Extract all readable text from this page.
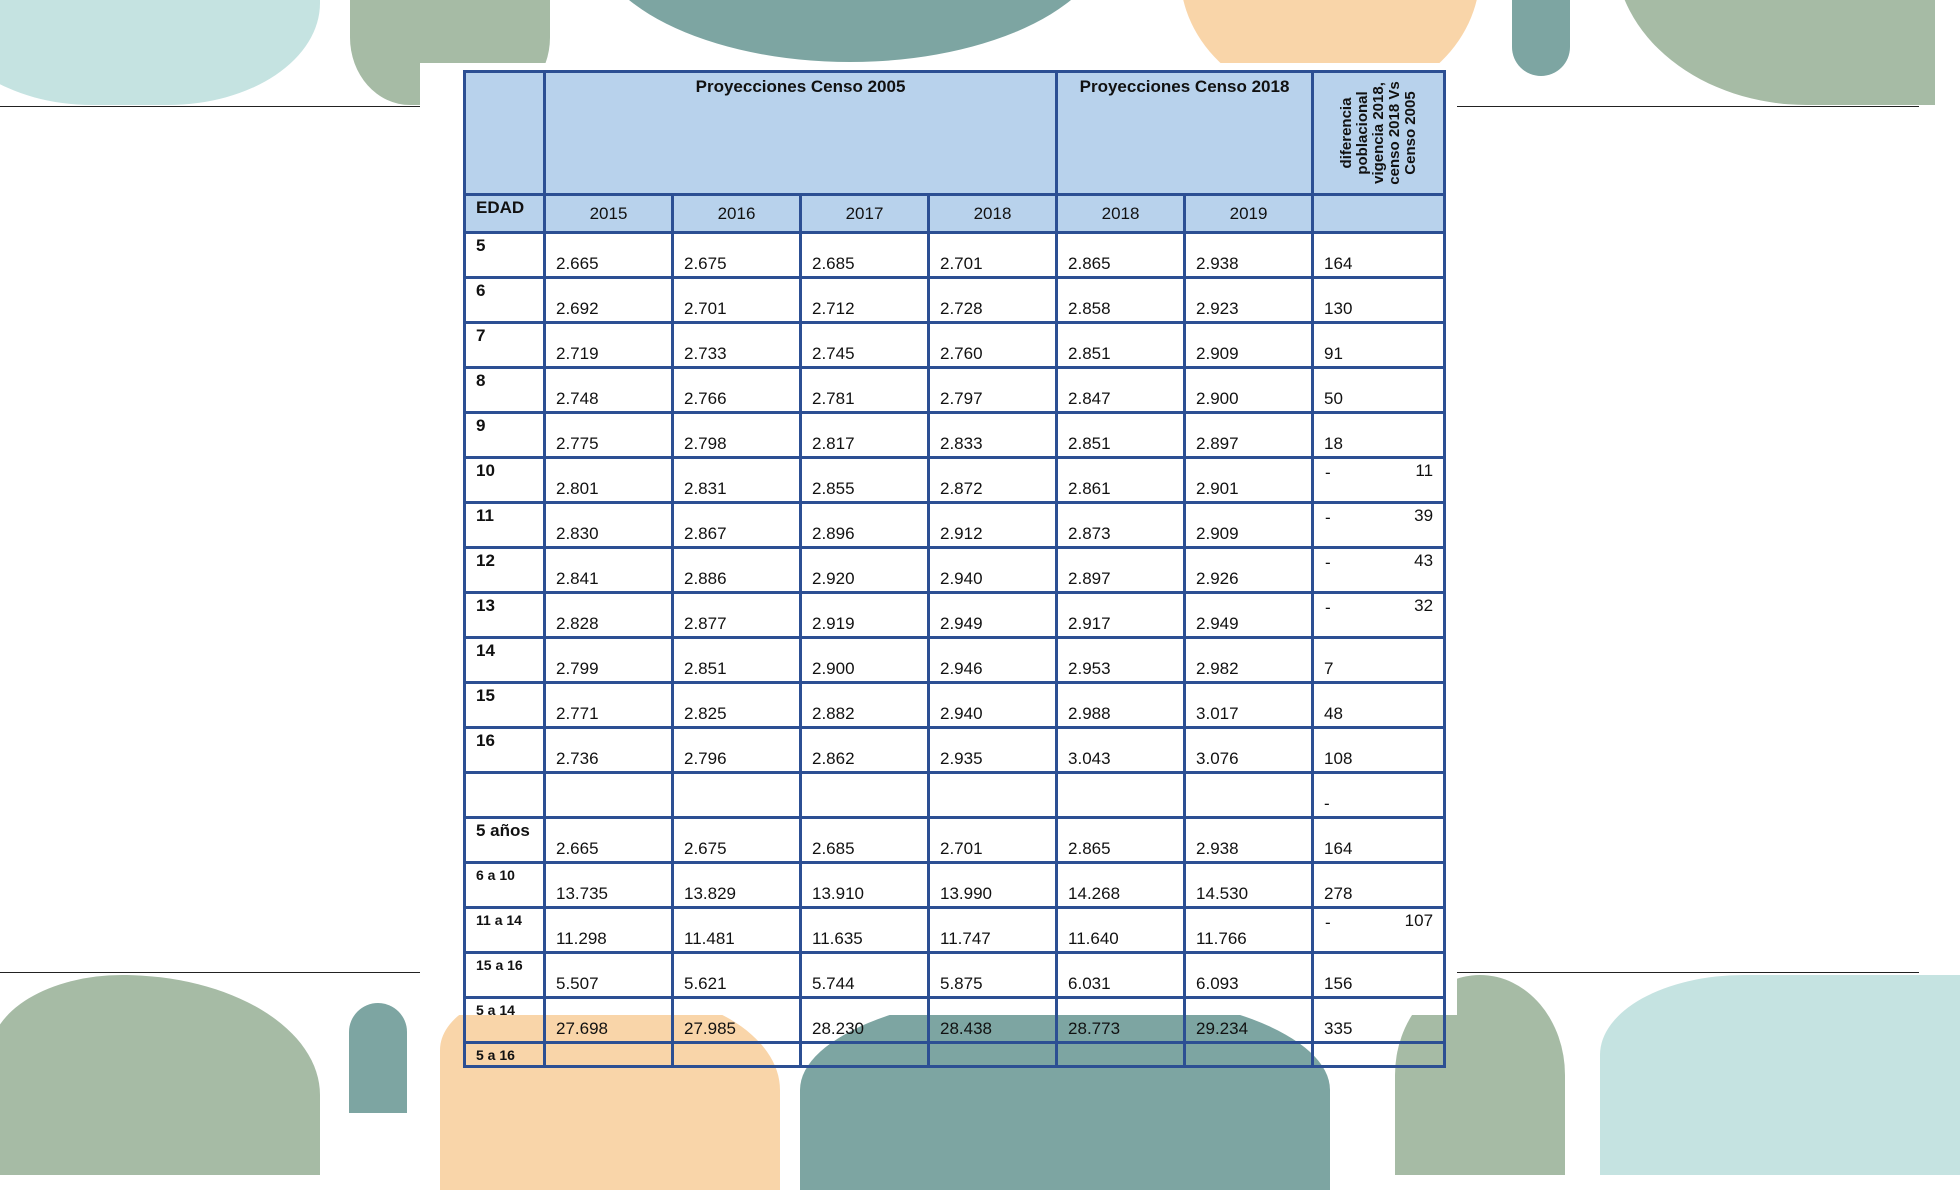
	Proyecciones Censo 2005				Proyecciones Censo 2018		diferencia poblacional vigencia 2018, censo 2018 Vs Censo 2005

EDAD	2015	2016	2017	2018	2018	2019	
5	2.665	2.675	2.685	2.701	2.865	2.938	164
6	2.692	2.701	2.712	2.728	2.858	2.923	130
7	2.719	2.733	2.745	2.760	2.851	2.909	91
8	2.748	2.766	2.781	2.797	2.847	2.900	50
9	2.775	2.798	2.817	2.833	2.851	2.897	18
10	2.801	2.831	2.855	2.872	2.861	2.901	- 11

11	2.830	2.867	2.896	2.912	2.873	2.909	- 39

12	2.841	2.886	2.920	2.940	2.897	2.926	- 43

13	2.828	2.877	2.919	2.949	2.917	2.949	- 32

14	2.799	2.851	2.900	2.946	2.953	2.982	7
15	2.771	2.825	2.882	2.940	2.988	3.017	48
16	2.736	2.796	2.862	2.935	3.043	3.076	108
							-
5 años	2.665	2.675	2.685	2.701	2.865	2.938	164
6 a 10	13.735	13.829	13.910	13.990	14.268	14.530	278
11 a 14	11.298	11.481	11.635	11.747	11.640	11.766	- 107

15 a 16	5.507	5.621	5.744	5.875	6.031	6.093	156
5 a 14	27.698	27.985	28.230	28.438	28.773	29.234	335
5 a 16							
